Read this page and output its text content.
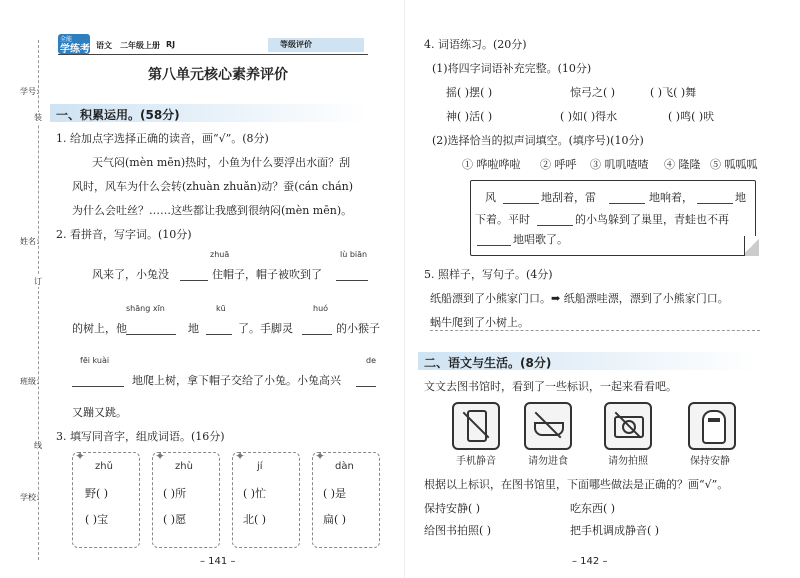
学号：
姓名：
班级：
学校：
装
订
线
全能
学练考 语文 二年级上册 RJ	等级评价
第八单元核心素养评价
一、积累运用。(58分)
1. 给加点字选择正确的读音，画“√”。(8分)
天气闷(mèn mēn)热时，小鱼为什么要浮出水面？刮
风时，风车为什么会转(zhuàn zhuǎn)动？蚕(cán chán)
为什么会吐丝？……这些都让我感到很纳闷(mèn mēn)。
2. 看拼音，写字词。(10分)
zhuā	lù biān
风来了，小兔没	住帽子，帽子被吹到了
shāng xīn	kū	huó
的树上，他	地	了。手脚灵	的小猴子
fēi kuài	de
地爬上树，拿下帽子交给了小兔。小兔高兴
又蹦又跳。
3. 填写同音字，组成词语。(16分)
✦
zhǔ
野( )
( )宝
✦
zhù
( )所
( )愿
✦
jí
( )忙
北( )
✦
dàn
( )是
扁( )
– 141 –
4. 词语练习。(20分)
(1)将四字词语补充完整。(10分)
摇( )摆( )	惊弓之( )	( )飞( )舞
神( )活( )	( )如( )得水	( )鸣( )吠
(2)选择恰当的拟声词填空。(填序号)(10分)
① 哗啦哗啦 ② 呼呼 ③ 叽叽喳喳 ④ 隆隆 ⑤ 呱呱呱
风	地刮着，雷	地响着，	地
下着。平时	的小鸟躲到了巢里，青蛙也不再
地唱歌了。
5. 照样子，写句子。(4分)
纸船漂到了小熊家门口。➡ 纸船漂哇漂，漂到了小熊家门口。
蜗牛爬到了小树上。
二、语文与生活。(8分)
文文去图书馆时，看到了一些标识，一起来看看吧。
手机静音	请勿进食	请勿拍照	保持安静
根据以上标识，在图书馆里，下面哪些做法是正确的？画“√”。
保持安静( )	吃东西( )
给图书拍照( )	把手机调成静音( )
– 142 –
